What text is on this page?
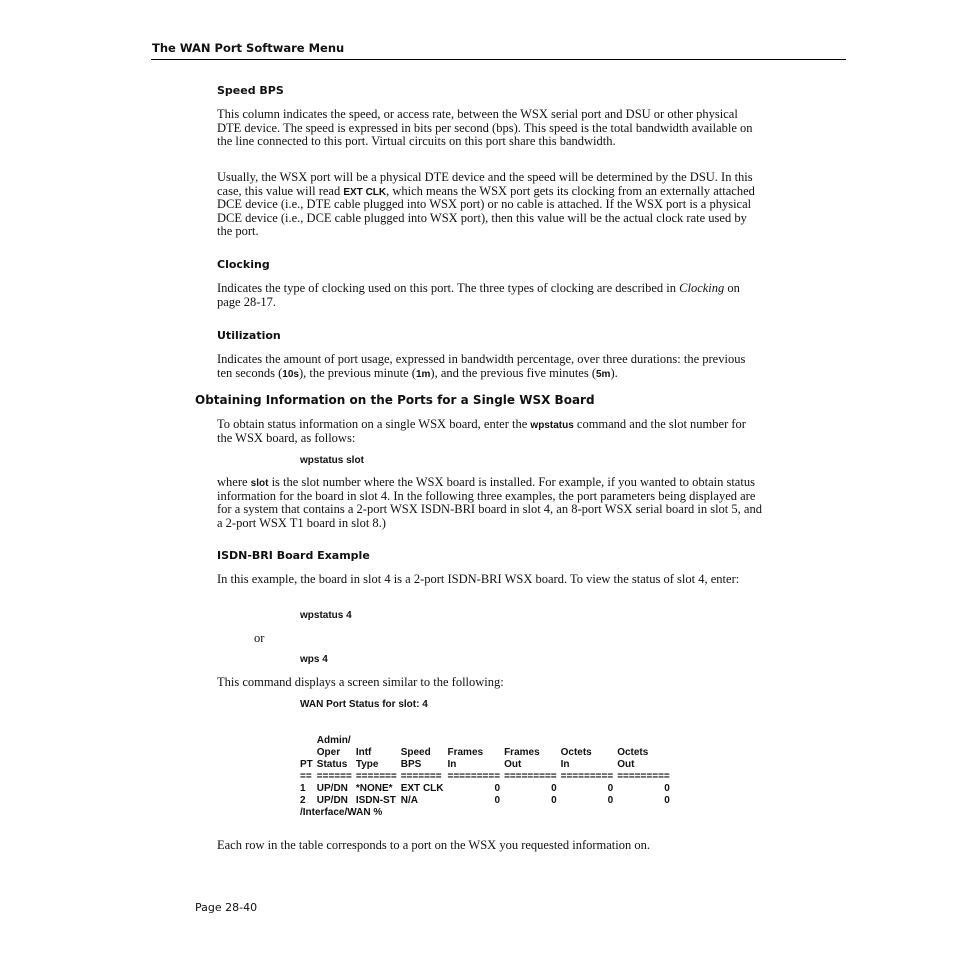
The WAN Port Software Menu
Speed BPS
This column indicates the speed, or access rate, between the WSX serial port and DSU or other physical DTE device. The speed is expressed in bits per second (bps). This speed is the total bandwidth available on the line connected to this port. Virtual circuits on this port share this bandwidth.
Usually, the WSX port will be a physical DTE device and the speed will be determined by the DSU. In this case, this value will read EXT CLK, which means the WSX port gets its clocking from an externally attached DCE device (i.e., DTE cable plugged into WSX port) or no cable is attached. If the WSX port is a physical DCE device (i.e., DCE cable plugged into WSX port), then this value will be the actual clock rate used by the port.
Clocking
Indicates the type of clocking used on this port. The three types of clocking are described in Clocking on page 28-17.
Utilization
Indicates the amount of port usage, expressed in bandwidth percentage, over three durations: the previous ten seconds (10s), the previous minute (1m), and the previous five minutes (5m).
Obtaining Information on the Ports for a Single WSX Board
To obtain status information on a single WSX board, enter the wpstatus command and the slot number for the WSX board, as follows:
wpstatus slot
where slot is the slot number where the WSX board is installed. For example, if you wanted to obtain status information for the board in slot 4. In the following three examples, the port parameters being displayed are for a system that contains a 2-port WSX ISDN-BRI board in slot 4, an 8-port WSX serial board in slot 5, and a 2-port WSX T1 board in slot 8.)
ISDN-BRI Board Example
In this example, the board in slot 4 is a 2-port ISDN-BRI WSX board. To view the status of slot 4, enter:
wpstatus 4
or
wps 4
This command displays a screen similar to the following:
WAN Port Status for slot: 4
	Admin/						
	Oper	Intf	Speed	Frames	Frames	Octets	Octets
PT	Status	Type	BPS	In	Out	In	Out
==	======	=======	=======	=========	=========	=========	=========
1	UP/DN	*NONE*	EXT CLK	0	0	0	0
2	UP/DN	ISDN-ST	N/A	0	0	0	0
/Interface/WAN %
Each row in the table corresponds to a port on the WSX you requested information on.
Page 28-40
